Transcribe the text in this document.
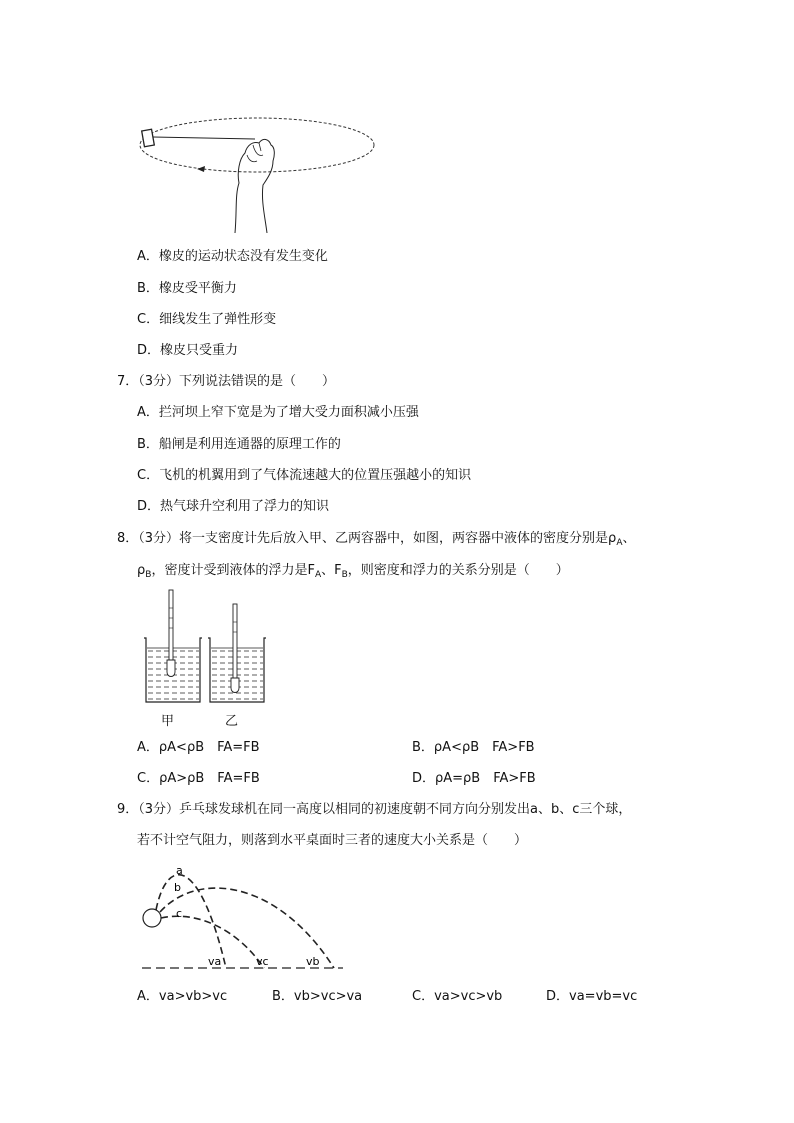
A．橡皮的运动状态没有发生变化
B．橡皮受平衡力
C．细线发生了弹性形变
D．橡皮只受重力
7．（3分）下列说法错误的是（　　）
A．拦河坝上窄下宽是为了增大受力面积减小压强
B．船闸是利用连通器的原理工作的
C．飞机的机翼用到了气体流速越大的位置压强越小的知识
D．热气球升空利用了浮力的知识
8．（3分）将一支密度计先后放入甲、乙两容器中，如图，两容器中液体的密度分别是$\rho_A$、
$\rho_B$，密度计受到液体的浮力是$F_A$、$F_B$，则密度和浮力的关系分别是（　　）
甲	乙
A．ρA<ρB　FA=FB	B．ρA<ρB　FA>FB
C．ρA>ρB　FA=FB	D．ρA=ρB　FA>FB
9．（3分）乒乓球发球机在同一高度以相同的初速度朝不同方向分别发出a、b、c三个球，
若不计空气阻力，则落到水平桌面时三者的速度大小关系是（　　）
a
b
c
va	vc	vb
A．va>vb>vc	B．vb>vc>va	C．va>vc>vb	D．va=vb=vc
